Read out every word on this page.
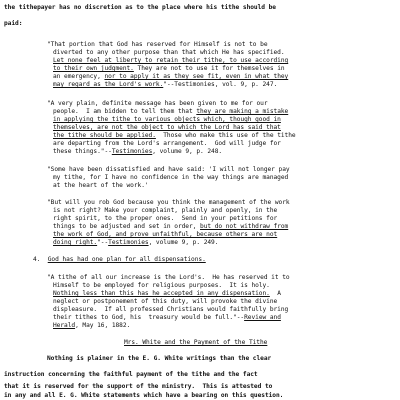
the tithepayer has no discretion as to the place where his tithe should be
paid:
"That portion that God has reserved for Himself is not to be
diverted to any other purpose than that which He has specified.
Let none feel at liberty to retain their tithe, to use according
to their own judgment. They are not to use it for themselves in
an emergency, nor to apply it as they see fit, even in what they
may regard as the Lord's work."--Testimonies, vol. 9, p. 247.
"A very plain, definite message has been given to me for our
people.  I am bidden to tell them that they are making a mistake
in applying the tithe to various objects which, though good in
themselves, are not the object to which the Lord has said that
the tithe should be applied.  Those who make this use of the tithe
are departing from the Lord's arrangement.  God will judge for
these things."--Testimonies, volume 9, p. 248.
"Some have been dissatisfied and have said: 'I will not longer pay
my tithe, for I have no confidence in the way things are managed
at the heart of the work.'
"But will you rob God because you think the management of the work
is not right? Make your complaint, plainly and openly, in the
right spirit, to the proper ones.  Send in your petitions for
things to be adjusted and set in order, but do not withdraw from
the work of God, and prove unfaithful, because others are not
doing right."--Testimonies, volume 9, p. 249.
4. God has had one plan for all dispensations.
"A tithe of all our increase is the Lord's.  He has reserved it to
Himself to be employed for religious purposes.  It is holy.
Nothing less than this has he accepted in any dispensation.  A
neglect or postponement of this duty, will provoke the divine
displeasure.  If all professed Christians would faithfully bring
their tithes to God, his  treasury would be full."--Review and
Herald, May 16, 1882.
Mrs. White and the Payment of the Tithe
Nothing is plainer in the E. G. White writings than the clear
instruction concerning the faithful payment of the tithe and the fact
that it is reserved for the support of the ministry.  This is attested to
in any and all E. G. White statements which have a bearing on this question.
